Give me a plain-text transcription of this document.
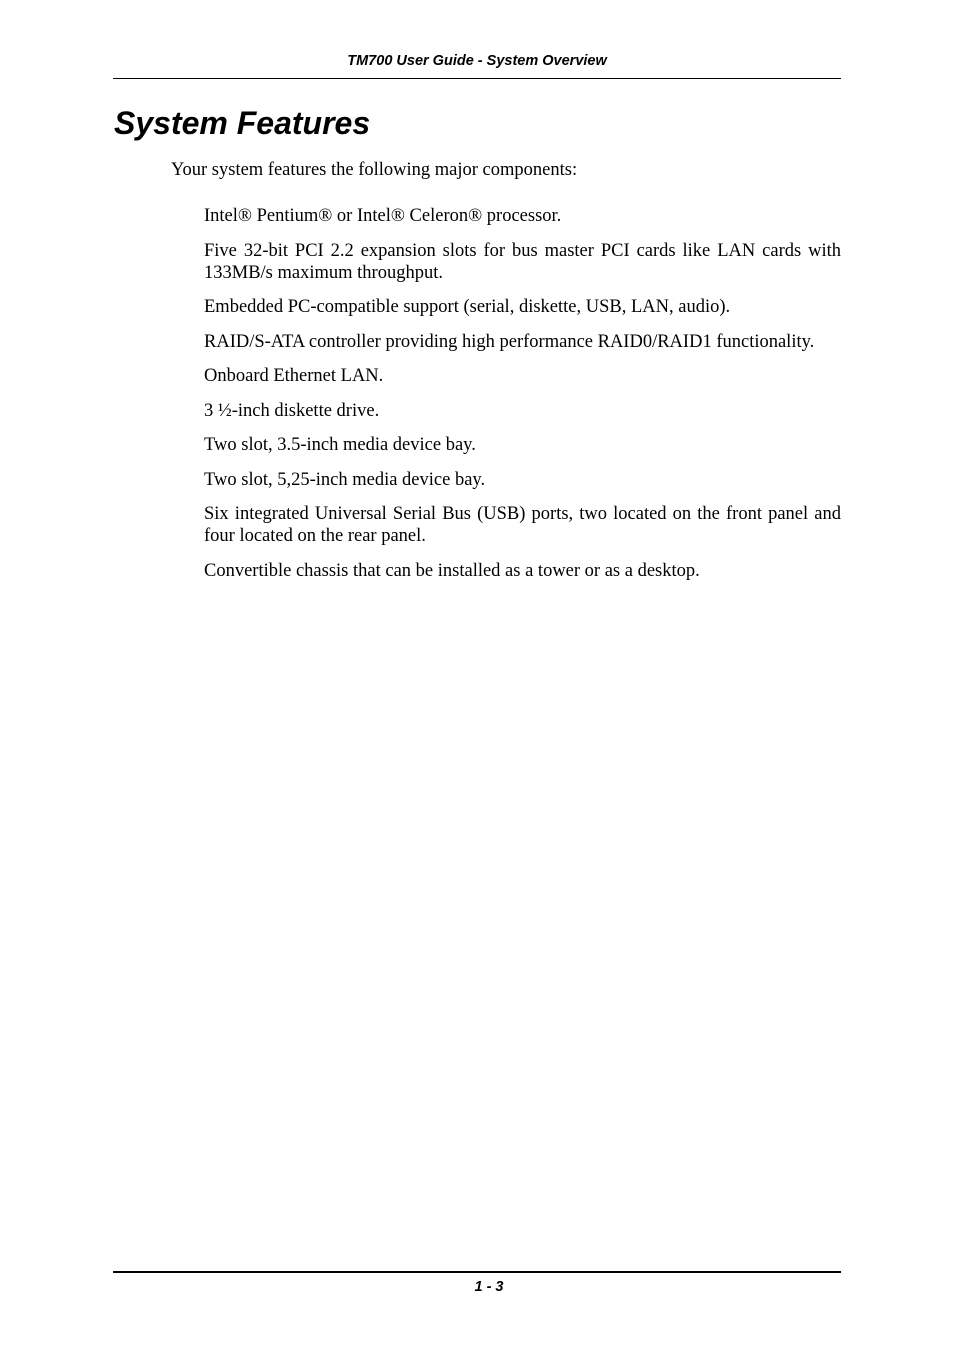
TM700 User Guide - System Overview
System Features
Your system features the following major components:
Intel® Pentium® or Intel® Celeron® processor.
Five 32-bit PCI 2.2 expansion slots for bus master PCI cards like LAN cards with 133MB/s maximum throughput.
Embedded PC-compatible support (serial, diskette, USB, LAN, audio).
RAID/S-ATA controller providing high performance RAID0/RAID1 functionality.
Onboard Ethernet LAN.
3 ½-inch diskette drive.
Two slot, 3.5-inch media device bay.
Two slot, 5,25-inch media device bay.
Six integrated Universal Serial Bus (USB) ports, two located on the front panel and four located on the rear panel.
Convertible chassis that can be installed as a tower or as a desktop.
1 - 3
